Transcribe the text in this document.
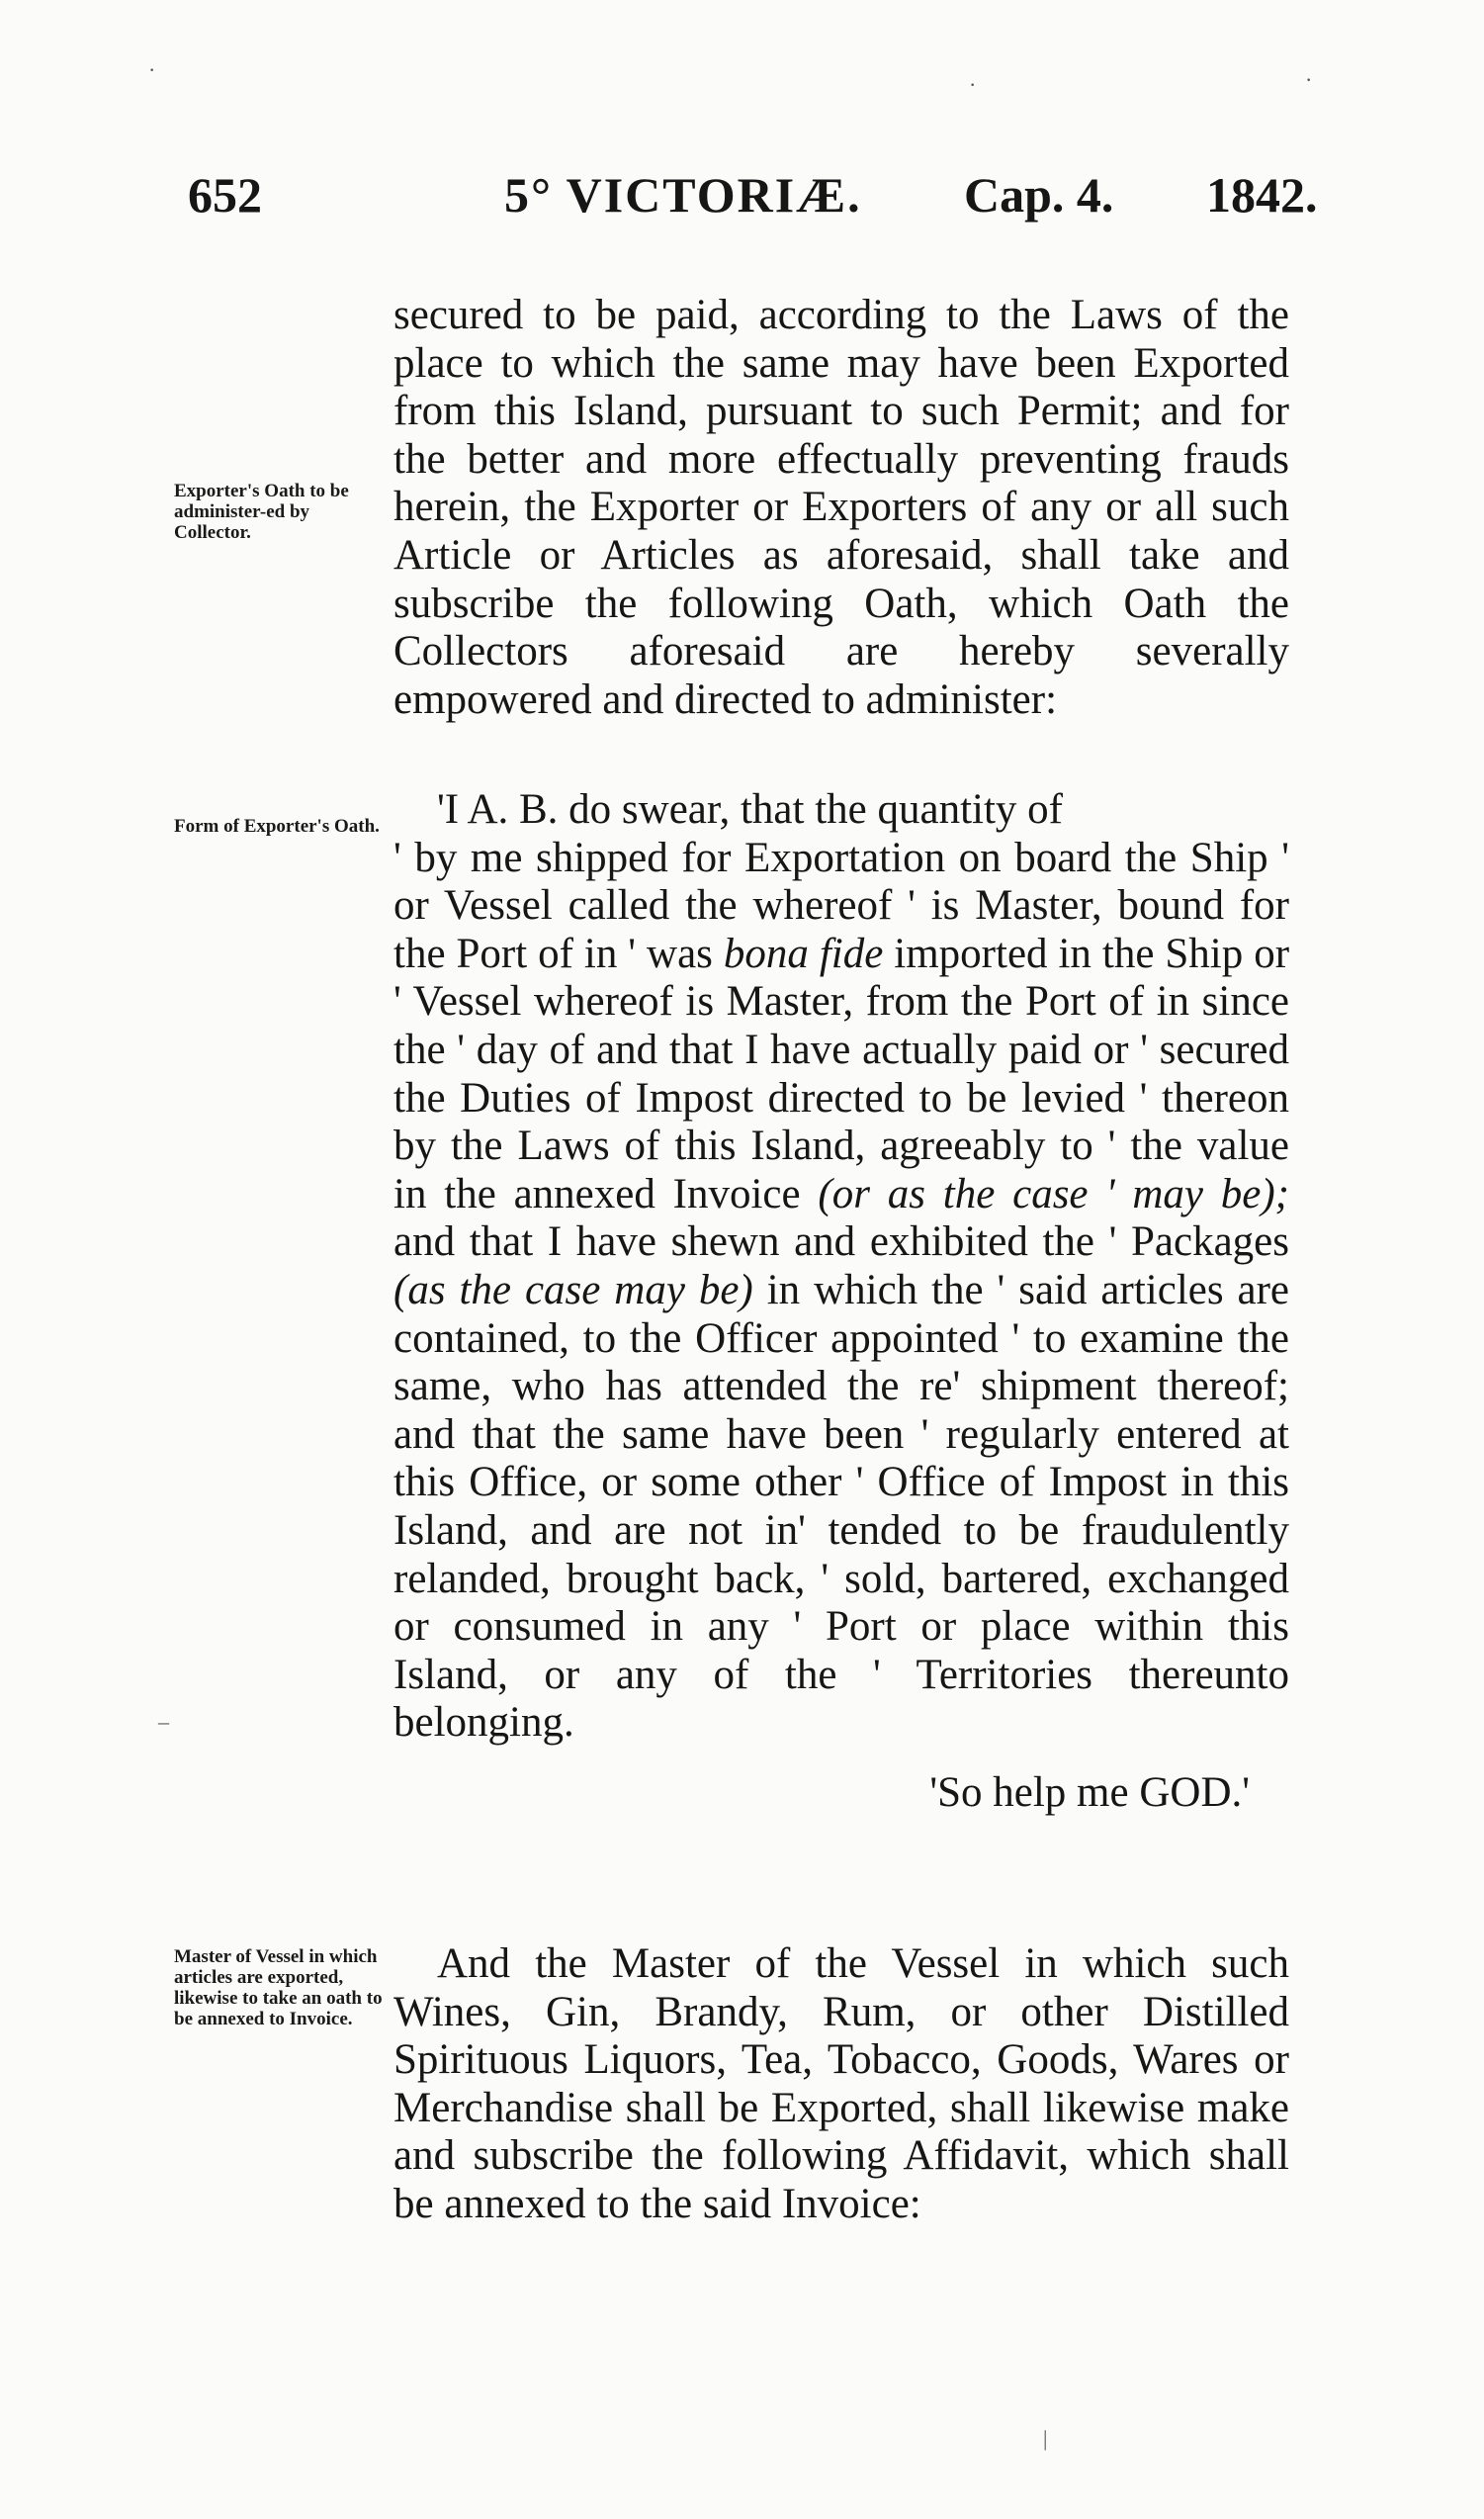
652	5° VICTORIÆ. Cap. 4. 1842.
Exporter's Oath to be administer-ed by Collector.
Form of Exporter's Oath.
Master of Vessel in which articles are exported, likewise to take an oath to be annexed to Invoice.

secured to be paid, according to the Laws of the place to which the same may have been Exported from this Island, pursuant to such Permit; and for the better and more effectually preventing frauds herein, the Exporter or Exporters of any or all such Article or Articles as aforesaid, shall take and subscribe the following Oath, which Oath the Collectors aforesaid are hereby severally empowered and directed to administer:

'I A. B. do swear, that the quantity of

' by me shipped for Exportation on board the Ship ' or Vessel called the whereof ' is Master, bound for the Port of in ' was bona fide imported in the Ship or ' Vessel whereof is Master, from the Port of in since the ' day of and that I have actually paid or ' secured the Duties of Impost directed to be levied ' thereon by the Laws of this Island, agreeably to ' the value in the annexed Invoice (or as the case ' may be); and that I have shewn and exhibited the ' Packages (as the case may be) in which the ' said articles are contained, to the Officer appointed ' to examine the same, who has attended the re' shipment thereof; and that the same have been ' regularly entered at this Office, or some other ' Office of Impost in this Island, and are not in' tended to be fraudulently relanded, brought back, ' sold, bartered, exchanged or consumed in any ' Port or place within this Island, or any of the ' Territories thereunto belonging.

'So help me GOD.'

And the Master of the Vessel in which such Wines, Gin, Brandy, Rum, or other Distilled Spirituous Liquors, Tea, Tobacco, Goods, Wares or Merchandise shall be Exported, shall likewise make and subscribe the following Affidavit, which shall be annexed to the said Invoice:

·
·	·
–
|
